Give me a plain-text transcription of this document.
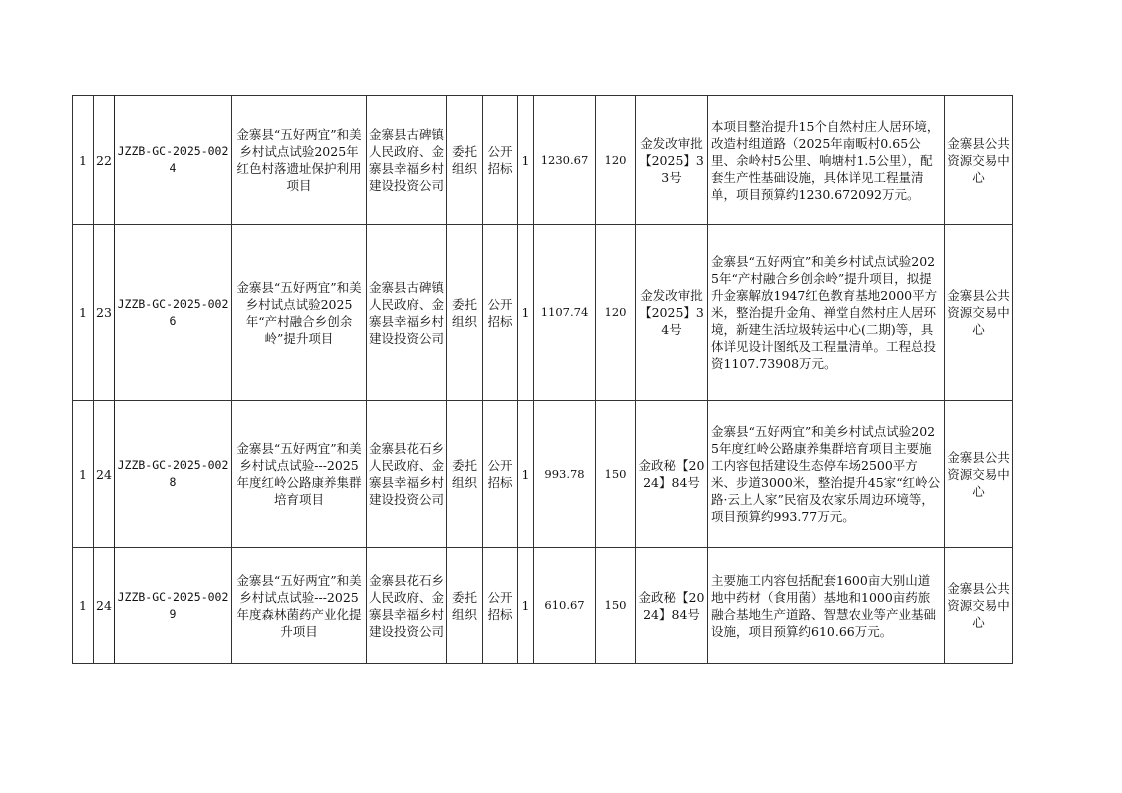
1	22	JZZB-GC-2025-0024	金寨县“五好两宜”和美乡村试点试验2025年红色村落遗址保护利用项目	金寨县古碑镇人民政府、金寨县幸福乡村建设投资公司	委托组织	公开招标	1	1230.67	120	金发改审批【2025】33号	本项目整治提升15个自然村庄人居环境，改造村组道路（2025年南畈村0.65公里、余岭村5公里、响塘村1.5公里），配套生产性基础设施，具体详见工程量清单，项目预算约1230.672092万元。	金寨县公共资源交易中心
1	23	JZZB-GC-2025-0026	金寨县“五好两宜”和美乡村试点试验2025年“产村融合乡创余岭”提升项目	金寨县古碑镇人民政府、金寨县幸福乡村建设投资公司	委托组织	公开招标	1	1107.74	120	金发改审批【2025】34号	金寨县“五好两宜”和美乡村试点试验2025年“产村融合乡创余岭”提升项目，拟提升金寨解放1947红色教育基地2000平方米，整治提升金角、禅堂自然村庄人居环境，新建生活垃圾转运中心(二期)等，具体详见设计图纸及工程量清单。工程总投资1107.73908万元。	金寨县公共资源交易中心
1	24	JZZB-GC-2025-0028	金寨县“五好两宜”和美乡村试点试验---2025年度红岭公路康养集群培育项目	金寨县花石乡人民政府、金寨县幸福乡村建设投资公司	委托组织	公开招标	1	993.78	150	金政秘【2024】84号	金寨县“五好两宜”和美乡村试点试验2025年度红岭公路康养集群培育项目主要施工内容包括建设生态停车场2500平方米、步道3000米，整治提升45家“红岭公路·云上人家”民宿及农家乐周边环境等，项目预算约993.77万元。	金寨县公共资源交易中心
1	24	JZZB-GC-2025-0029	金寨县“五好两宜”和美乡村试点试验---2025年度森林菌药产业化提升项目	金寨县花石乡人民政府、金寨县幸福乡村建设投资公司	委托组织	公开招标	1	610.67	150	金政秘【2024】84号	主要施工内容包括配套1600亩大别山道地中药材（食用菌）基地和1000亩药旅融合基地生产道路、智慧农业等产业基础设施，项目预算约610.66万元。	金寨县公共资源交易中心
